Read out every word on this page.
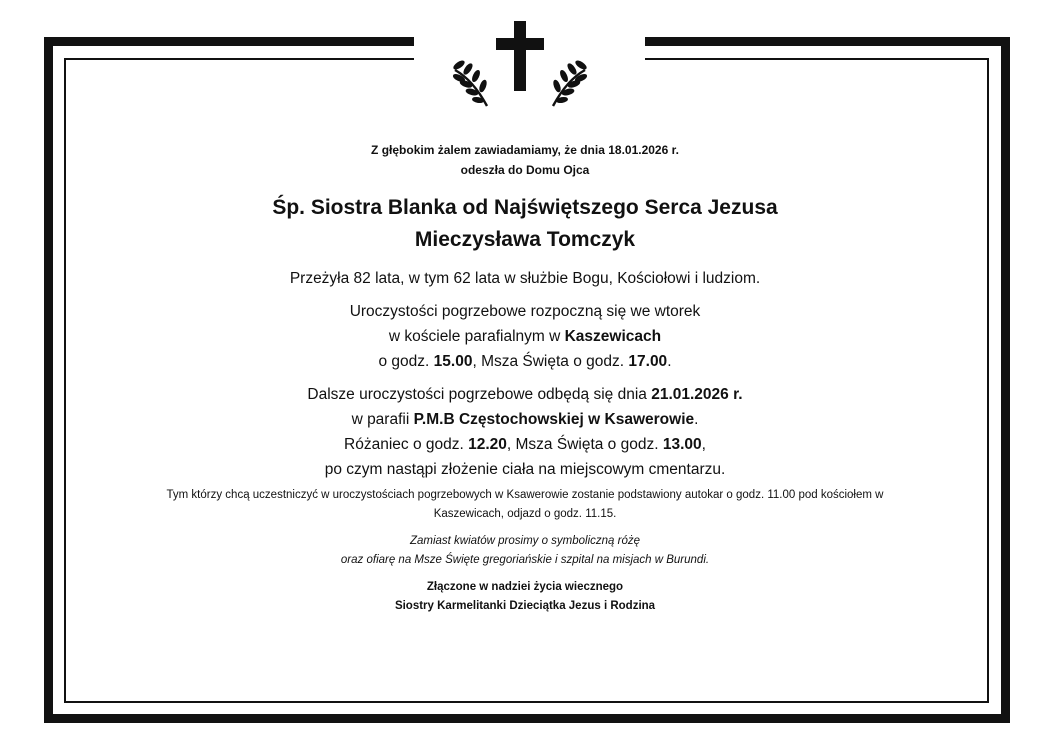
Z głębokim żalem zawiadamiamy, że dnia 18.01.2026 r.
odeszła do Domu Ojca
Śp. Siostra Blanka od Najświętszego Serca Jezusa
Mieczysława Tomczyk
Przeżyła 82 lata, w tym 62 lata w służbie Bogu, Kościołowi i ludziom.
Uroczystości pogrzebowe rozpoczną się we wtorek
w kościele parafialnym w Kaszewicach
o godz. 15.00, Msza Święta o godz. 17.00.
Dalsze uroczystości pogrzebowe odbędą się dnia 21.01.2026 r.
w parafii P.M.B Częstochowskiej w Ksawerowie.
Różaniec o godz. 12.20, Msza Święta o godz. 13.00,
po czym nastąpi złożenie ciała na miejscowym cmentarzu.
Tym którzy chcą uczestniczyć w uroczystościach pogrzebowych w Ksawerowie zostanie podstawiony autokar o godz. 11.00 pod kościołem w
Kaszewicach, odjazd o godz. 11.15.
Zamiast kwiatów prosimy o symboliczną różę
oraz ofiarę na Msze Święte gregoriańskie i szpital na misjach w Burundi.
Złączone w nadziei życia wiecznego
Siostry Karmelitanki Dzieciątka Jezus i Rodzina
